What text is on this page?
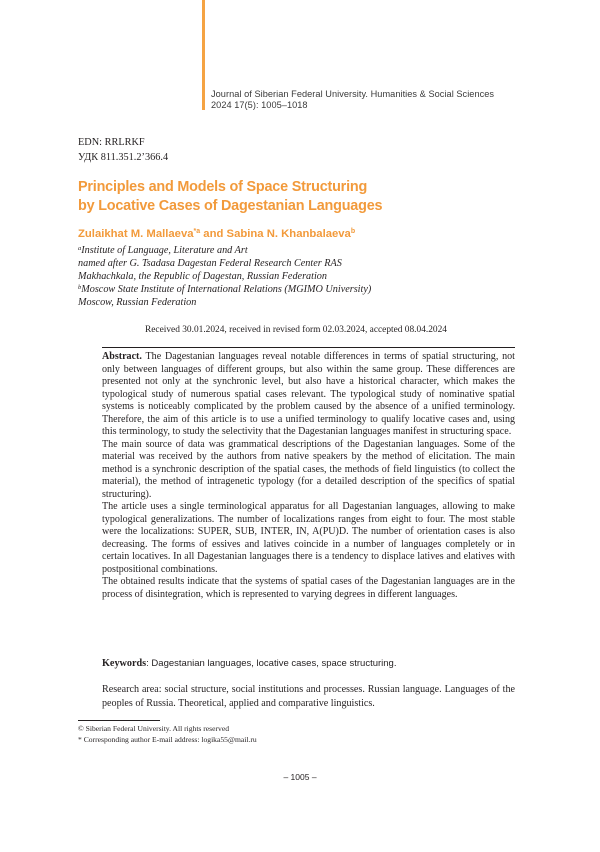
Journal of Siberian Federal University. Humanities & Social Sciences
2024 17(5): 1005–1018
EDN: RRLRKF
УДК 811.351.2’366.4
Principles and Models of Space Structuring
by Locative Cases of Dagestanian Languages
Zulaikhat M. Mallaeva$^{*a}$ and Sabina N. Khanbalaeva$^b$
$^a$Institute of Language, Literature and Art
named after G. Tsadasa Dagestan Federal Research Center RAS
Makhachkala, the Republic of Dagestan, Russian Federation
$^b$Moscow State Institute of International Relations (MGIMO University)
Moscow, Russian Federation
Received 30.01.2024, received in revised form 02.03.2024, accepted 08.04.2024

Abstract. The Dagestanian languages reveal notable differences in terms of spatial structuring, not only between languages of different groups, but also within the same group. These differences are presented not only at the synchronic level, but also have a historical character, which makes the typological study of numerous spatial cases relevant. The typological study of nominative spatial systems is noticeably complicated by the problem caused by the absence of a unified terminology. Therefore, the aim of this article is to use a unified terminology to qualify locative cases and, using this terminology, to study the selectivity that the Dagestanian languages manifest in structuring space.

The main source of data was grammatical descriptions of the Dagestanian languages. Some of the material was received by the authors from native speakers by the method of elicitation. The main method is a synchronic description of the spatial cases, the methods of field linguistics (to collect the material), the method of intragenetic typology (for a detailed description of the specifics of spatial structuring).

The article uses a single terminological apparatus for all Dagestanian languages, allowing to make typological generalizations. The number of localizations ranges from eight to four. The most stable were the localizations: SUPER, SUB, INTER, IN, A(PU)D. The number of orientation cases is also decreasing. The forms of essives and latives coincide in a number of languages completely or in certain locatives. In all Dagestanian languages there is a tendency to displace latives and elatives with postpositional combinations.

The obtained results indicate that the systems of spatial cases of the Dagestanian languages are in the process of disintegration, which is represented to varying degrees in different languages.

Keywords: Dagestanian languages, locative cases, space structuring.

Research area: social structure, social institutions and processes. Russian language. Languages of the peoples of Russia. Theoretical, applied and comparative linguistics.

© Siberian Federal University. All rights reserved
* Corresponding author E-mail address: logika55@mail.ru
– 1005 –
